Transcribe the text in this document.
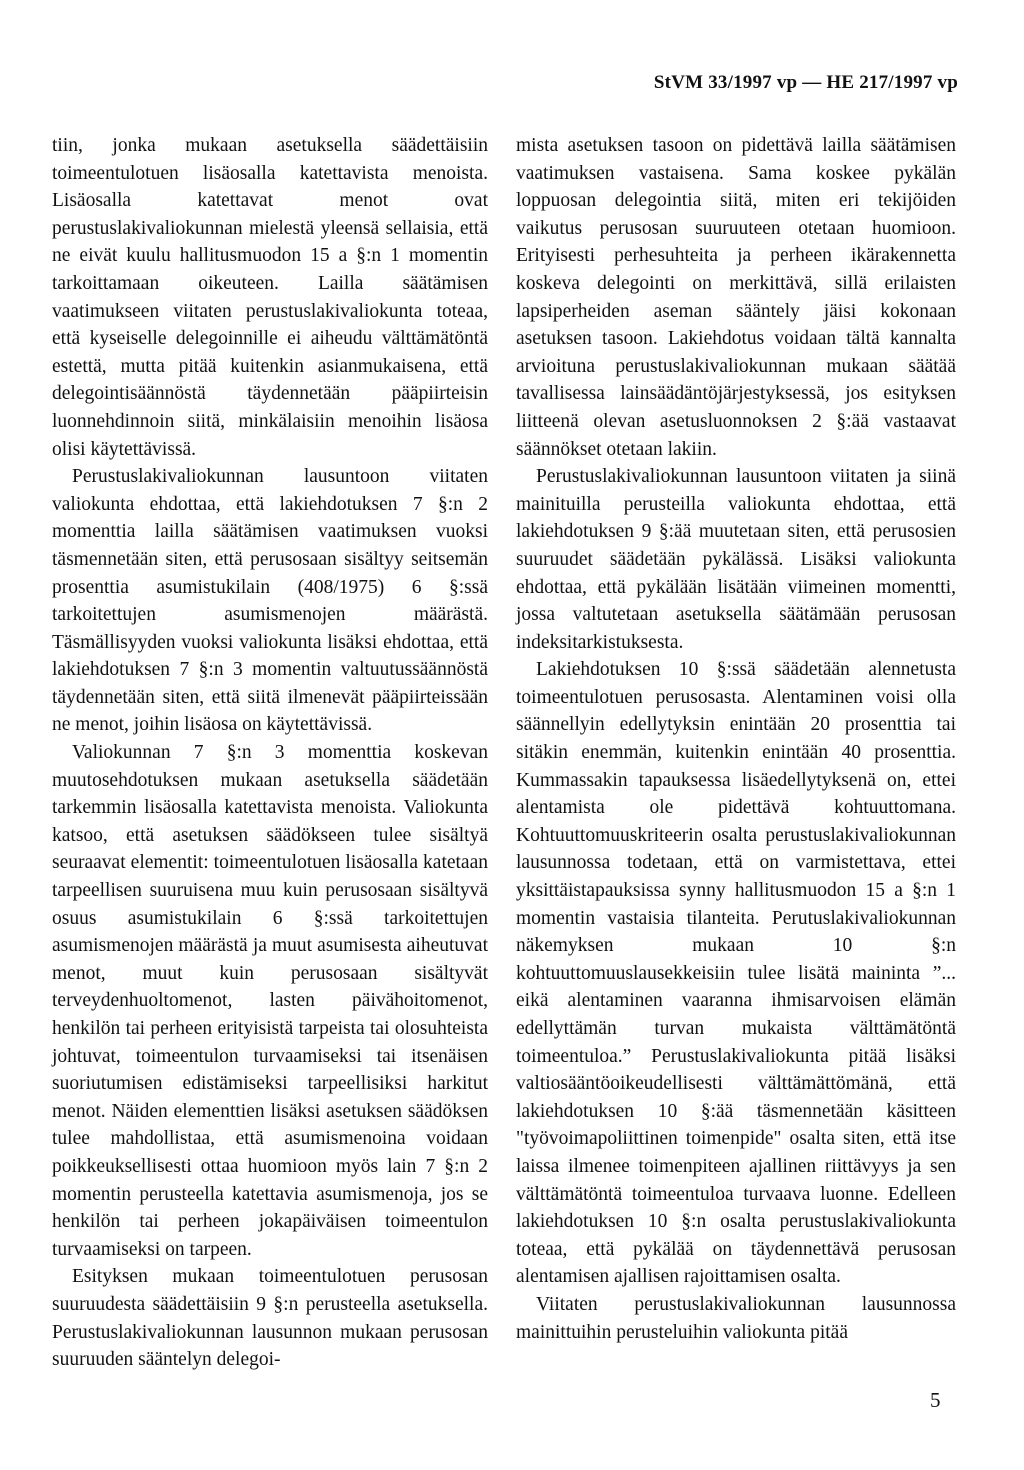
StVM 33/1997 vp — HE 217/1997 vp

tiin, jonka mukaan asetuksella säädettäisiin toimeentulotuen lisäosalla katettavista menoista. Lisäosalla katettavat menot ovat perustuslakivaliokunnan mielestä yleensä sellaisia, että ne eivät kuulu hallitusmuodon 15 a §:n 1 momentin tarkoittamaan oikeuteen. Lailla säätämisen vaatimukseen viitaten perustuslakivaliokunta toteaa, että kyseiselle delegoinnille ei aiheudu välttämätöntä estettä, mutta pitää kuitenkin asianmukaisena, että delegointisäännöstä täydennetään pääpiirteisin luonnehdinnoin siitä, minkälaisiin menoihin lisäosa olisi käytettävissä.

Perustuslakivaliokunnan lausuntoon viitaten valiokunta ehdottaa, että lakiehdotuksen 7 §:n 2 momenttia lailla säätämisen vaatimuksen vuoksi täsmennetään siten, että perusosaan sisältyy seitsemän prosenttia asumistukilain (408/1975) 6 §:ssä tarkoitettujen asumismenojen määrästä. Täsmällisyyden vuoksi valiokunta lisäksi ehdottaa, että lakiehdotuksen 7 §:n 3 momentin valtuutussäännöstä täydennetään siten, että siitä ilmenevät pääpiirteissään ne menot, joihin lisäosa on käytettävissä.

Valiokunnan 7 §:n 3 momenttia koskevan muutosehdotuksen mukaan asetuksella säädetään tarkemmin lisäosalla katettavista menoista. Valiokunta katsoo, että asetuksen säädökseen tulee sisältyä seuraavat elementit: toimeentulotuen lisäosalla katetaan tarpeellisen suuruisena muu kuin perusosaan sisältyvä osuus asumistukilain 6 §:ssä tarkoitettujen asumismenojen määrästä ja muut asumisesta aiheutuvat menot, muut kuin perusosaan sisältyvät terveydenhuoltomenot, lasten päivähoitomenot, henkilön tai perheen erityisistä tarpeista tai olosuhteista johtuvat, toimeentulon turvaamiseksi tai itsenäisen suoriutumisen edistämiseksi tarpeellisiksi harkitut menot. Näiden elementtien lisäksi asetuksen säädöksen tulee mahdollistaa, että asumismenoina voidaan poikkeuksellisesti ottaa huomioon myös lain 7 §:n 2 momentin perusteella katettavia asumismenoja, jos se henkilön tai perheen jokapäiväisen toimeentulon turvaamiseksi on tarpeen.

Esityksen mukaan toimeentulotuen perusosan suuruudesta säädettäisiin 9 §:n perusteella asetuksella. Perustuslakivaliokunnan lausunnon mukaan perusosan suuruuden sääntelyn delegoi-

mista asetuksen tasoon on pidettävä lailla säätämisen vaatimuksen vastaisena. Sama koskee pykälän loppuosan delegointia siitä, miten eri tekijöiden vaikutus perusosan suuruuteen otetaan huomioon. Erityisesti perhesuhteita ja perheen ikärakennetta koskeva delegointi on merkittävä, sillä erilaisten lapsiperheiden aseman sääntely jäisi kokonaan asetuksen tasoon. Lakiehdotus voidaan tältä kannalta arvioituna perustuslakivaliokunnan mukaan säätää tavallisessa lainsäädäntöjärjestyksessä, jos esityksen liitteenä olevan asetusluonnoksen 2 §:ää vastaavat säännökset otetaan lakiin.

Perustuslakivaliokunnan lausuntoon viitaten ja siinä mainituilla perusteilla valiokunta ehdottaa, että lakiehdotuksen 9 §:ää muutetaan siten, että perusosien suuruudet säädetään pykälässä. Lisäksi valiokunta ehdottaa, että pykälään lisätään viimeinen momentti, jossa valtutetaan asetuksella säätämään perusosan indeksitarkistuksesta.

Lakiehdotuksen 10 §:ssä säädetään alennetusta toimeentulotuen perusosasta. Alentaminen voisi olla säännellyin edellytyksin enintään 20 prosenttia tai sitäkin enemmän, kuitenkin enintään 40 prosenttia. Kummassakin tapauksessa lisäedellytyksenä on, ettei alentamista ole pidettävä kohtuuttomana. Kohtuuttomuuskriteerin osalta perustuslakivaliokunnan lausunnossa todetaan, että on varmistettava, ettei yksittäistapauksissa synny hallitusmuodon 15 a §:n 1 momentin vastaisia tilanteita. Perutuslakivaliokunnan näkemyksen mukaan 10 §:n kohtuuttomuuslausekkeisiin tulee lisätä maininta ”... eikä alentaminen vaaranna ihmisarvoisen elämän edellyttämän turvan mukaista välttämätöntä toimeentuloa.” Perustuslakivaliokunta pitää lisäksi valtiosääntöoikeudellisesti välttämättömänä, että lakiehdotuksen 10 §:ää täsmennetään käsitteen "työvoimapoliittinen toimenpide" osalta siten, että itse laissa ilmenee toimenpiteen ajallinen riittävyys ja sen välttämätöntä toimeentuloa turvaava luonne. Edelleen lakiehdotuksen 10 §:n osalta perustuslakivaliokunta toteaa, että pykälää on täydennettävä perusosan alentamisen ajallisen rajoittamisen osalta.

Viitaten perustuslakivaliokunnan lausunnossa mainittuihin perusteluihin valiokunta pitää

5
